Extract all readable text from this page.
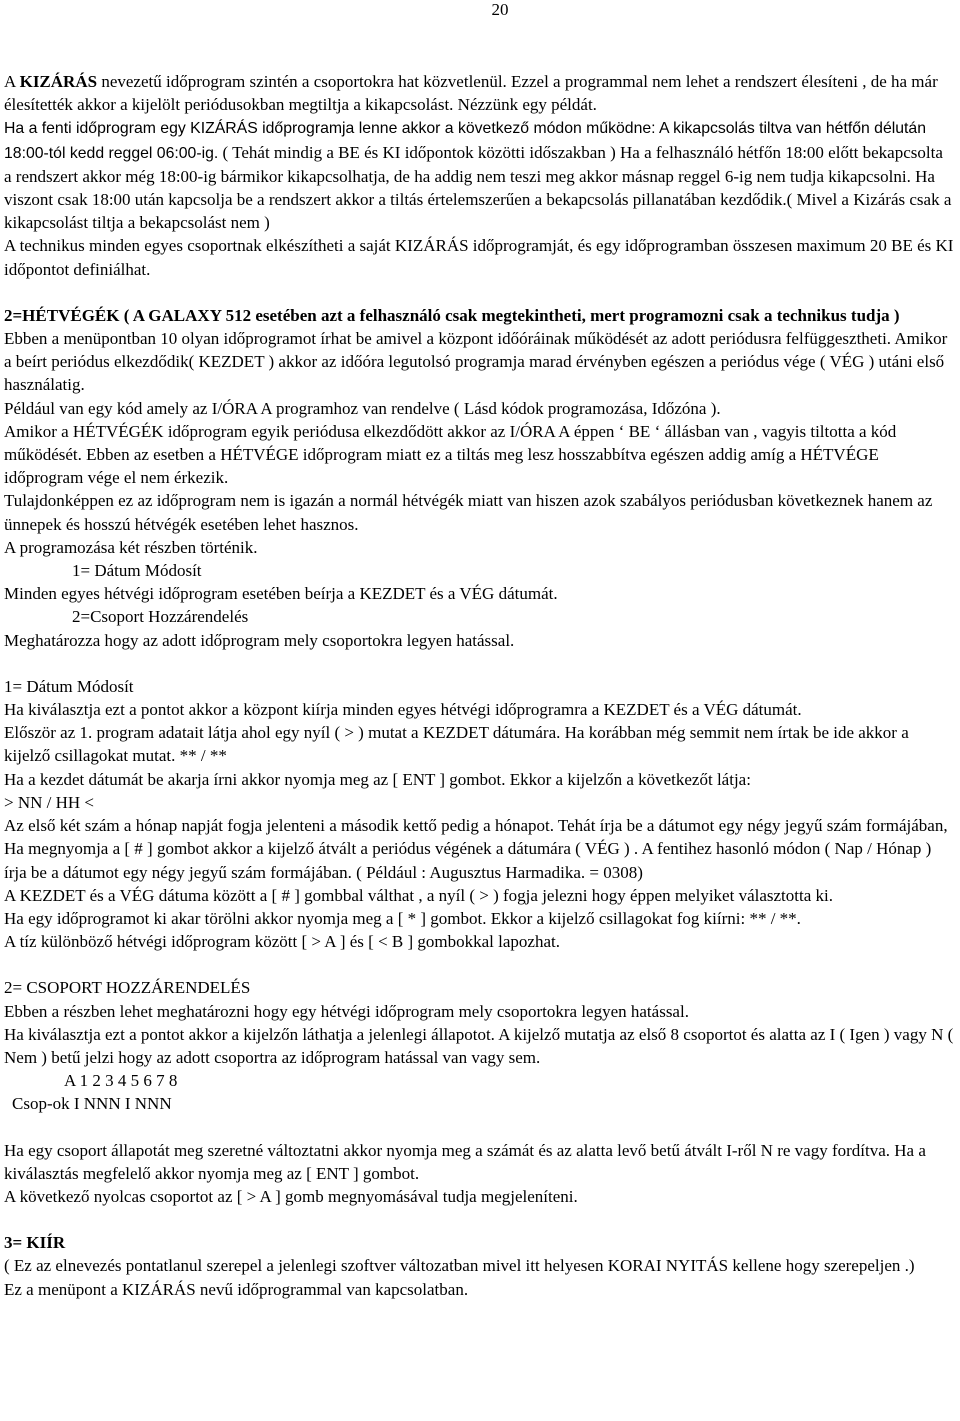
20

A KIZÁRÁS nevezetű időprogram szintén a csoportokra hat közvetlenül. Ezzel a programmal nem lehet a rendszert élesíteni , de ha már élesítették akkor a kijelölt periódusokban megtiltja a kikapcsolást. Nézzünk egy példát.

Ha a fenti időprogram egy KIZÁRÁS időprogramja lenne akkor a következő módon működne: A kikapcsolás tiltva van hétfőn délután 18:00-tól kedd reggel 06:00-ig. ( Tehát mindig a BE és KI időpontok közötti időszakban ) Ha a felhasználó hétfőn 18:00 előtt bekapcsolta a rendszert akkor még 18:00-ig bármikor kikapcsolhatja, de ha addig nem teszi meg akkor másnap reggel 6-ig nem tudja kikapcsolni. Ha viszont csak 18:00 után kapcsolja be a rendszert akkor a tiltás értelemszerűen a bekapcsolás pillanatában kezdődik.( Mivel a Kizárás csak a kikapcsolást tiltja a bekapcsolást nem )

A technikus minden egyes csoportnak elkészítheti a saját KIZÁRÁS időprogramját, és egy időprogramban összesen maximum 20 BE és KI időpontot definiálhat.

2=HÉTVÉGÉK ( A GALAXY 512 esetében azt a felhasználó csak megtekintheti, mert programozni csak a technikus tudja )

Ebben a menüpontban 10 olyan időprogramot írhat be amivel a központ időóráinak működését az adott periódusra felfüggesztheti. Amikor a beírt periódus elkezdődik( KEZDET ) akkor az időóra legutolsó programja marad érvényben egészen a periódus vége ( VÉG ) utáni első használatig.

Például van egy kód amely az I/ÓRA A programhoz van rendelve ( Lásd kódok programozása, Időzóna ).

Amikor a HÉTVÉGÉK időprogram egyik periódusa elkezdődött akkor az I/ÓRA A éppen ‘ BE ‘ állásban van , vagyis tiltotta a kód működését. Ebben az esetben a HÉTVÉGE időprogram miatt ez a tiltás meg lesz hosszabbítva egészen addig amíg a HÉTVÉGE időprogram vége el nem érkezik.

Tulajdonképpen ez az időprogram nem is igazán a normál hétvégék miatt van hiszen azok szabályos periódusban következnek hanem az ünnepek és hosszú hétvégék esetében lehet hasznos.

A programozása két részben történik.

1= Dátum Módosít

Minden egyes hétvégi időprogram esetében beírja a KEZDET és a VÉG dátumát.

2=Csoport Hozzárendelés

Meghatározza hogy az adott időprogram mely csoportokra legyen hatással.

1= Dátum Módosít

Ha kiválasztja ezt a pontot akkor a központ kiírja minden egyes hétvégi időprogramra a KEZDET és a VÉG dátumát.

Először az 1. program adatait látja ahol egy nyíl ( > ) mutat a KEZDET dátumára. Ha korábban még semmit nem írtak be ide akkor a kijelző csillagokat mutat. ** / **

Ha a kezdet dátumát be akarja írni akkor nyomja meg az [ ENT ] gombot. Ekkor a kijelzőn a következőt látja:

> NN / HH <

Az első két szám a hónap napját fogja jelenteni a második kettő pedig a hónapot. Tehát írja be a dátumot egy négy jegyű szám formájában,

Ha megnyomja a [ # ] gombot akkor a kijelző átvált a periódus végének a dátumára ( VÉG ) . A fentihez hasonló módon ( Nap / Hónap ) írja be a dátumot egy négy jegyű szám formájában. ( Például : Augusztus Harmadika. = 0308)

A KEZDET és a VÉG dátuma között a [ # ] gombbal válthat , a nyíl ( > ) fogja jelezni hogy éppen melyiket választotta ki.

Ha egy időprogramot ki akar törölni akkor nyomja meg a [ * ] gombot. Ekkor a kijelző csillagokat fog kiírni: ** / **.

A tíz különböző hétvégi időprogram között [ > A ] és [ < B ] gombokkal lapozhat.

2= CSOPORT HOZZÁRENDELÉS

Ebben a részben lehet meghatározni hogy egy hétvégi időprogram mely csoportokra legyen hatással.

Ha kiválasztja ezt a pontot akkor a kijelzőn láthatja a jelenlegi állapotot. A kijelző mutatja az első 8 csoportot és alatta az I ( Igen ) vagy N ( Nem ) betű jelzi hogy az adott csoportra az időprogram hatással van vagy sem.

A 1 2 3 4 5 6 7 8

Csop-ok I NNN I NNN

Ha egy csoport állapotát meg szeretné változtatni akkor nyomja meg a számát és az alatta levő betű átvált I-ről N re vagy fordítva. Ha a kiválasztás megfelelő akkor nyomja meg az [ ENT ] gombot.

A következő nyolcas csoportot az [ > A ] gomb megnyomásával tudja megjeleníteni.

3= KIÍR

( Ez az elnevezés pontatlanul szerepel a jelenlegi szoftver változatban mivel itt helyesen KORAI NYITÁS kellene hogy szerepeljen .)

Ez a menüpont a KIZÁRÁS nevű időprogrammal van kapcsolatban.
